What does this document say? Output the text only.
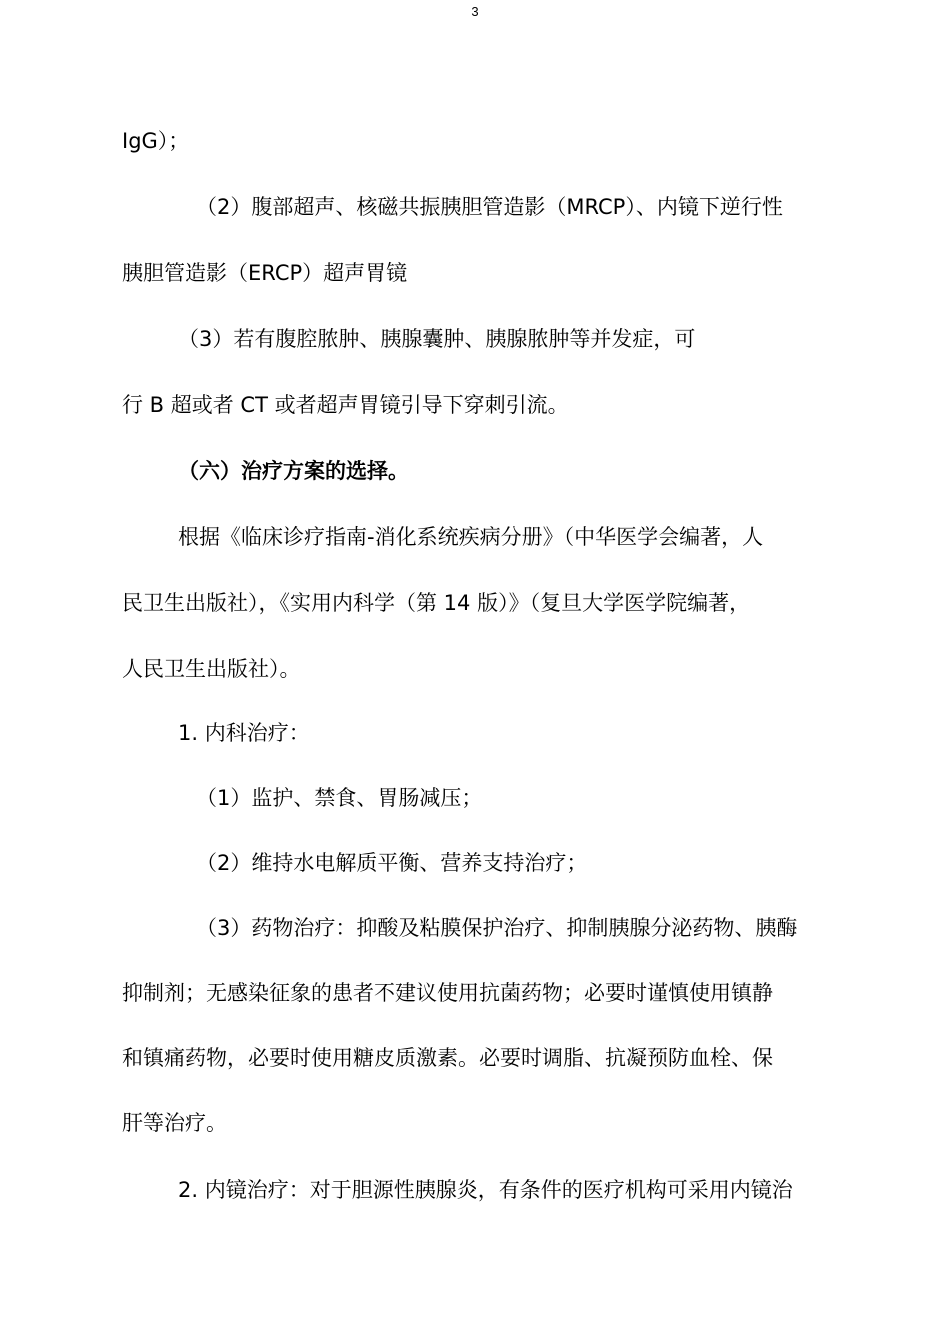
3
IgG）；
（2）腹部超声、核磁共振胰胆管造影（MRCP）、内镜下逆行性
胰胆管造影（ERCP）超声胃镜
（3）若有腹腔脓肿、胰腺囊肿、胰腺脓肿等并发症，可
行 B 超或者 CT 或者超声胃镜引导下穿刺引流。
（六）治疗方案的选择。
根据《临床诊疗指南-消化系统疾病分册》（中华医学会编著，人
民卫生出版社），《实用内科学（第 14 版）》（复旦大学医学院编著，
人民卫生出版社）。
1. 内科治疗：
（1）监护、禁食、胃肠减压；
（2）维持水电解质平衡、营养支持治疗；
（3）药物治疗：抑酸及粘膜保护治疗、抑制胰腺分泌药物、胰酶
抑制剂；无感染征象的患者不建议使用抗菌药物；必要时谨慎使用镇静
和镇痛药物，必要时使用糖皮质激素。必要时调脂、抗凝预防血栓、保
肝等治疗。
2. 内镜治疗：对于胆源性胰腺炎，有条件的医疗机构可采用内镜治
